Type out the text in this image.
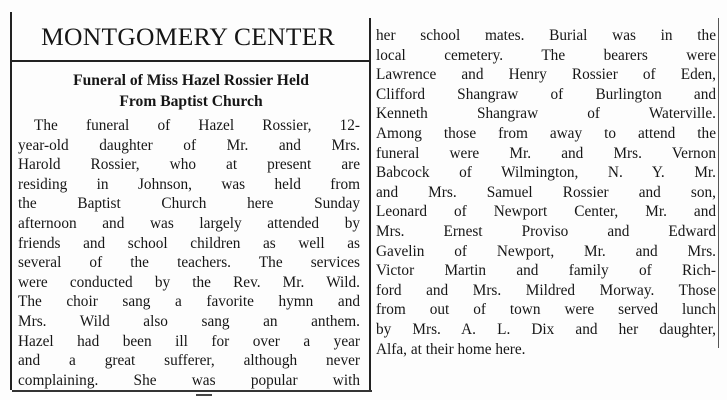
MONTGOMERY CENTER
Funeral of Miss Hazel Rossier Held
From Baptist Church
The funeral of Hazel Rossier, 12-
year-old daughter of Mr. and Mrs.
Harold Rossier, who at present are
residing in Johnson, was held from
the Baptist Church here Sunday
afternoon and was largely attended by
friends and school children as well as
several of the teachers. The services
were conducted by the Rev. Mr. Wild.
The choir sang a favorite hymn and
Mrs. Wild also sang an anthem.
Hazel had been ill for over a year
and a great sufferer, although never
complaining. She was popular with
her school mates. Burial was in the
local cemetery. The bearers were
Lawrence and Henry Rossier of Eden,
Clifford Shangraw of Burlington and
Kenneth Shangraw of Waterville.
Among those from away to attend the
funeral were Mr. and Mrs. Vernon
Babcock of Wilmington, N. Y. Mr.
and Mrs. Samuel Rossier and son,
Leonard of Newport Center, Mr. and
Mrs. Ernest Proviso and Edward
Gavelin of Newport, Mr. and Mrs.
Victor Martin and family of Rich-
ford and Mrs. Mildred Morway. Those
from out of town were served lunch
by Mrs. A. L. Dix and her daughter,
Alfa, at their home here.
